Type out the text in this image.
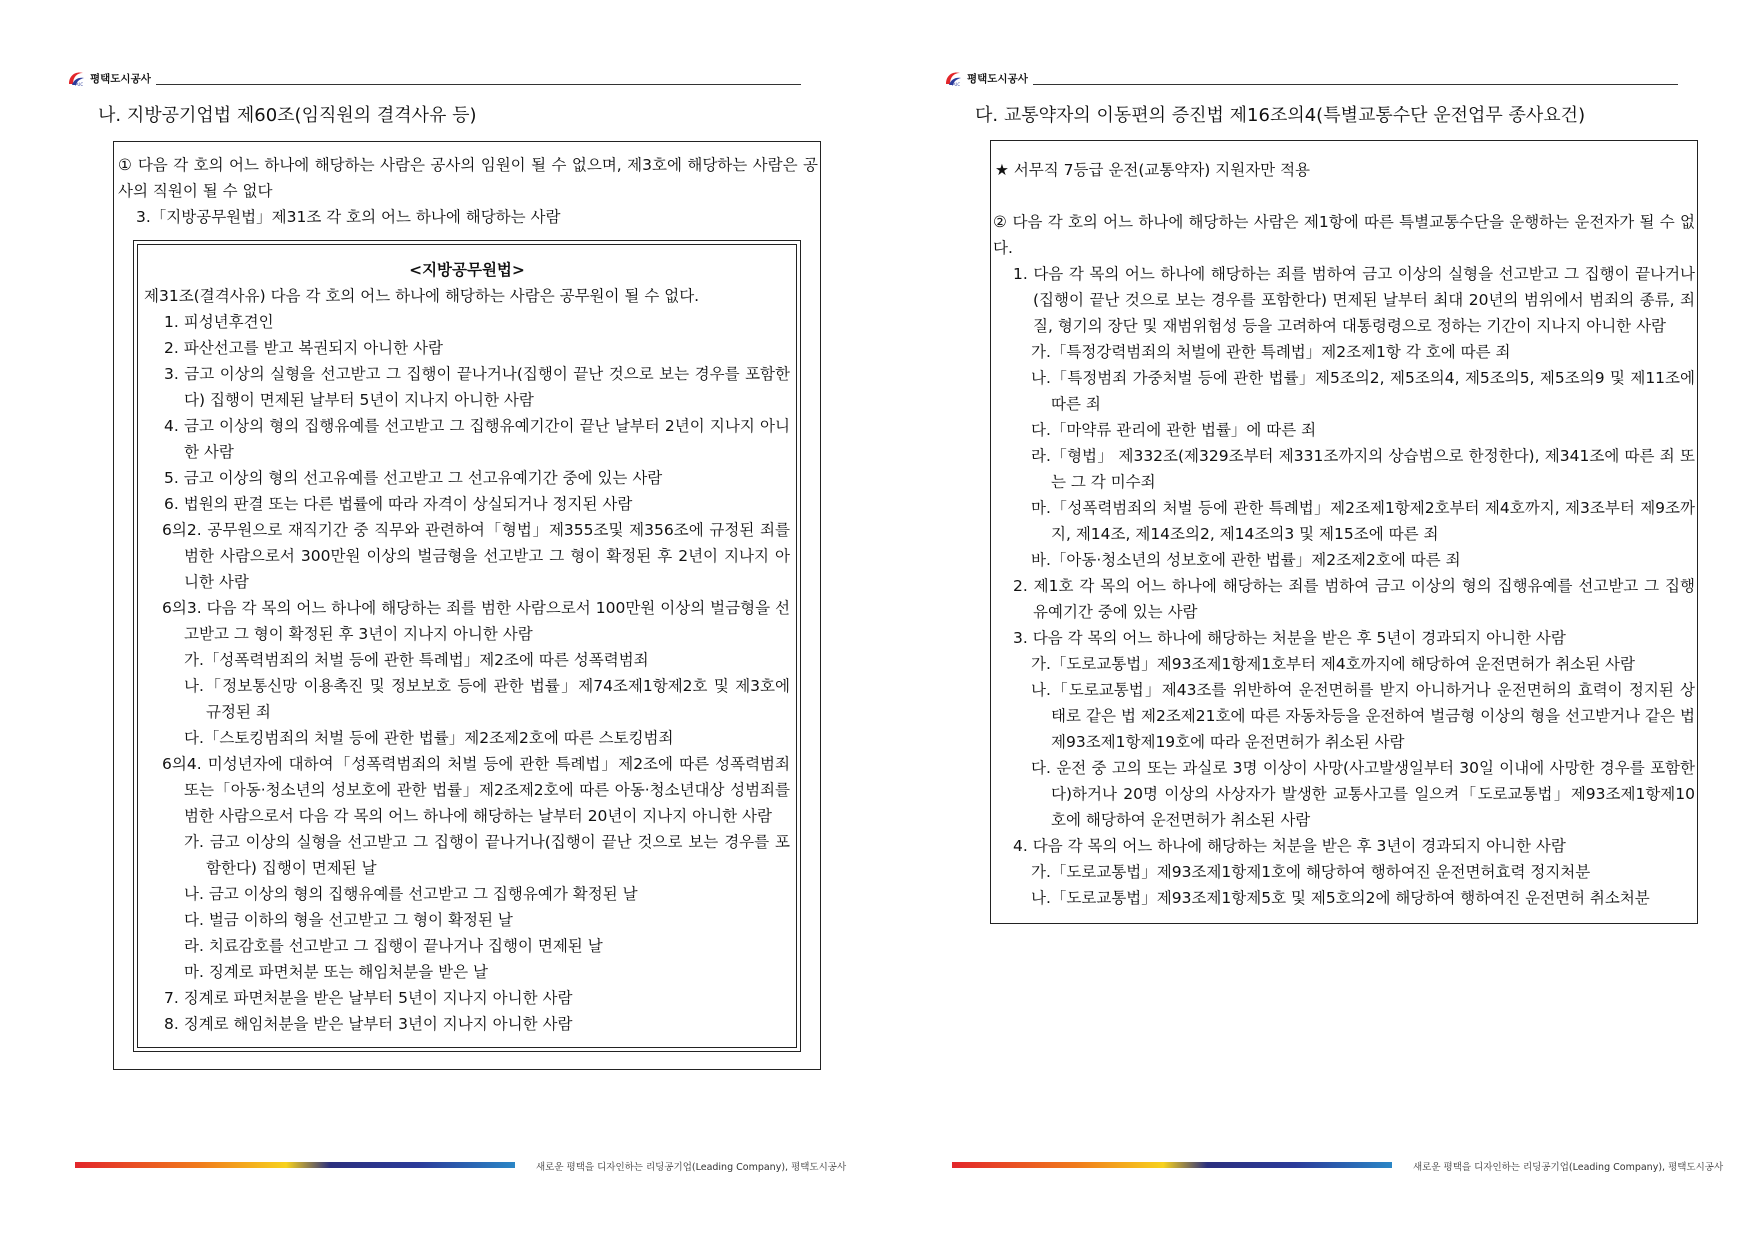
PUC 평택도시공사
나. 지방공기업법 제60조(임직원의 결격사유 등)
① 다음 각 호의 어느 하나에 해당하는 사람은 공사의 임원이 될 수 없으며, 제3호에 해당하는 사람은 공사의 직원이 될 수 없다
3.「지방공무원법」제31조 각 호의 어느 하나에 해당하는 사람
<지방공무원법>
제31조(결격사유) 다음 각 호의 어느 하나에 해당하는 사람은 공무원이 될 수 없다.
1. 피성년후견인
2. 파산선고를 받고 복권되지 아니한 사람
3. 금고 이상의 실형을 선고받고 그 집행이 끝나거나(집행이 끝난 것으로 보는 경우를 포함한다) 집행이 면제된 날부터 5년이 지나지 아니한 사람
4. 금고 이상의 형의 집행유예를 선고받고 그 집행유예기간이 끝난 날부터 2년이 지나지 아니한 사람
5. 금고 이상의 형의 선고유예를 선고받고 그 선고유예기간 중에 있는 사람
6. 법원의 판결 또는 다른 법률에 따라 자격이 상실되거나 정지된 사람
6의2. 공무원으로 재직기간 중 직무와 관련하여「형법」제355조및 제356조에 규정된 죄를 범한 사람으로서 300만원 이상의 벌금형을 선고받고 그 형이 확정된 후 2년이 지나지 아니한 사람
6의3. 다음 각 목의 어느 하나에 해당하는 죄를 범한 사람으로서 100만원 이상의 벌금형을 선고받고 그 형이 확정된 후 3년이 지나지 아니한 사람
가.「성폭력범죄의 처벌 등에 관한 특례법」제2조에 따른 성폭력범죄
나.「정보통신망 이용촉진 및 정보보호 등에 관한 법률」제74조제1항제2호 및 제3호에 규정된 죄
다.「스토킹범죄의 처벌 등에 관한 법률」제2조제2호에 따른 스토킹범죄
6의4. 미성년자에 대하여「성폭력범죄의 처벌 등에 관한 특례법」제2조에 따른 성폭력범죄 또는「아동·청소년의 성보호에 관한 법률」제2조제2호에 따른 아동·청소년대상 성범죄를 범한 사람으로서 다음 각 목의 어느 하나에 해당하는 날부터 20년이 지나지 아니한 사람
가. 금고 이상의 실형을 선고받고 그 집행이 끝나거나(집행이 끝난 것으로 보는 경우를 포함한다) 집행이 면제된 날
나. 금고 이상의 형의 집행유예를 선고받고 그 집행유예가 확정된 날
다. 벌금 이하의 형을 선고받고 그 형이 확정된 날
라. 치료감호를 선고받고 그 집행이 끝나거나 집행이 면제된 날
마. 징계로 파면처분 또는 해임처분을 받은 날
7. 징계로 파면처분을 받은 날부터 5년이 지나지 아니한 사람
8. 징계로 해임처분을 받은 날부터 3년이 지나지 아니한 사람
새로운 평택을 디자인하는 리딩공기업(Leading Company), 평택도시공사
PUC 평택도시공사
다. 교통약자의 이동편의 증진법 제16조의4(특별교통수단 운전업무 종사요건)
★ 서무직 7등급 운전(교통약자) 지원자만 적용
② 다음 각 호의 어느 하나에 해당하는 사람은 제1항에 따른 특별교통수단을 운행하는 운전자가 될 수 없다.
1. 다음 각 목의 어느 하나에 해당하는 죄를 범하여 금고 이상의 실형을 선고받고 그 집행이 끝나거나(집행이 끝난 것으로 보는 경우를 포함한다) 면제된 날부터 최대 20년의 범위에서 범죄의 종류, 죄질, 형기의 장단 및 재범위험성 등을 고려하여 대통령령으로 정하는 기간이 지나지 아니한 사람
가.「특정강력범죄의 처벌에 관한 특례법」제2조제1항 각 호에 따른 죄
나.「특정범죄 가중처벌 등에 관한 법률」제5조의2, 제5조의4, 제5조의5, 제5조의9 및 제11조에 따른 죄
다.「마약류 관리에 관한 법률」에 따른 죄
라.「형법」 제332조(제329조부터 제331조까지의 상습범으로 한정한다), 제341조에 따른 죄 또는 그 각 미수죄
마.「성폭력범죄의 처벌 등에 관한 특례법」제2조제1항제2호부터 제4호까지, 제3조부터 제9조까지, 제14조, 제14조의2, 제14조의3 및 제15조에 따른 죄
바.「아동·청소년의 성보호에 관한 법률」제2조제2호에 따른 죄
2. 제1호 각 목의 어느 하나에 해당하는 죄를 범하여 금고 이상의 형의 집행유예를 선고받고 그 집행유예기간 중에 있는 사람
3. 다음 각 목의 어느 하나에 해당하는 처분을 받은 후 5년이 경과되지 아니한 사람
가.「도로교통법」제93조제1항제1호부터 제4호까지에 해당하여 운전면허가 취소된 사람
나.「도로교통법」제43조를 위반하여 운전면허를 받지 아니하거나 운전면허의 효력이 정지된 상태로 같은 법 제2조제21호에 따른 자동차등을 운전하여 벌금형 이상의 형을 선고받거나 같은 법 제93조제1항제19호에 따라 운전면허가 취소된 사람
다. 운전 중 고의 또는 과실로 3명 이상이 사망(사고발생일부터 30일 이내에 사망한 경우를 포함한다)하거나 20명 이상의 사상자가 발생한 교통사고를 일으켜「도로교통법」제93조제1항제10호에 해당하여 운전면허가 취소된 사람
4. 다음 각 목의 어느 하나에 해당하는 처분을 받은 후 3년이 경과되지 아니한 사람
가.「도로교통법」제93조제1항제1호에 해당하여 행하여진 운전면허효력 정지처분
나.「도로교통법」제93조제1항제5호 및 제5호의2에 해당하여 행하여진 운전면허 취소처분
새로운 평택을 디자인하는 리딩공기업(Leading Company), 평택도시공사
